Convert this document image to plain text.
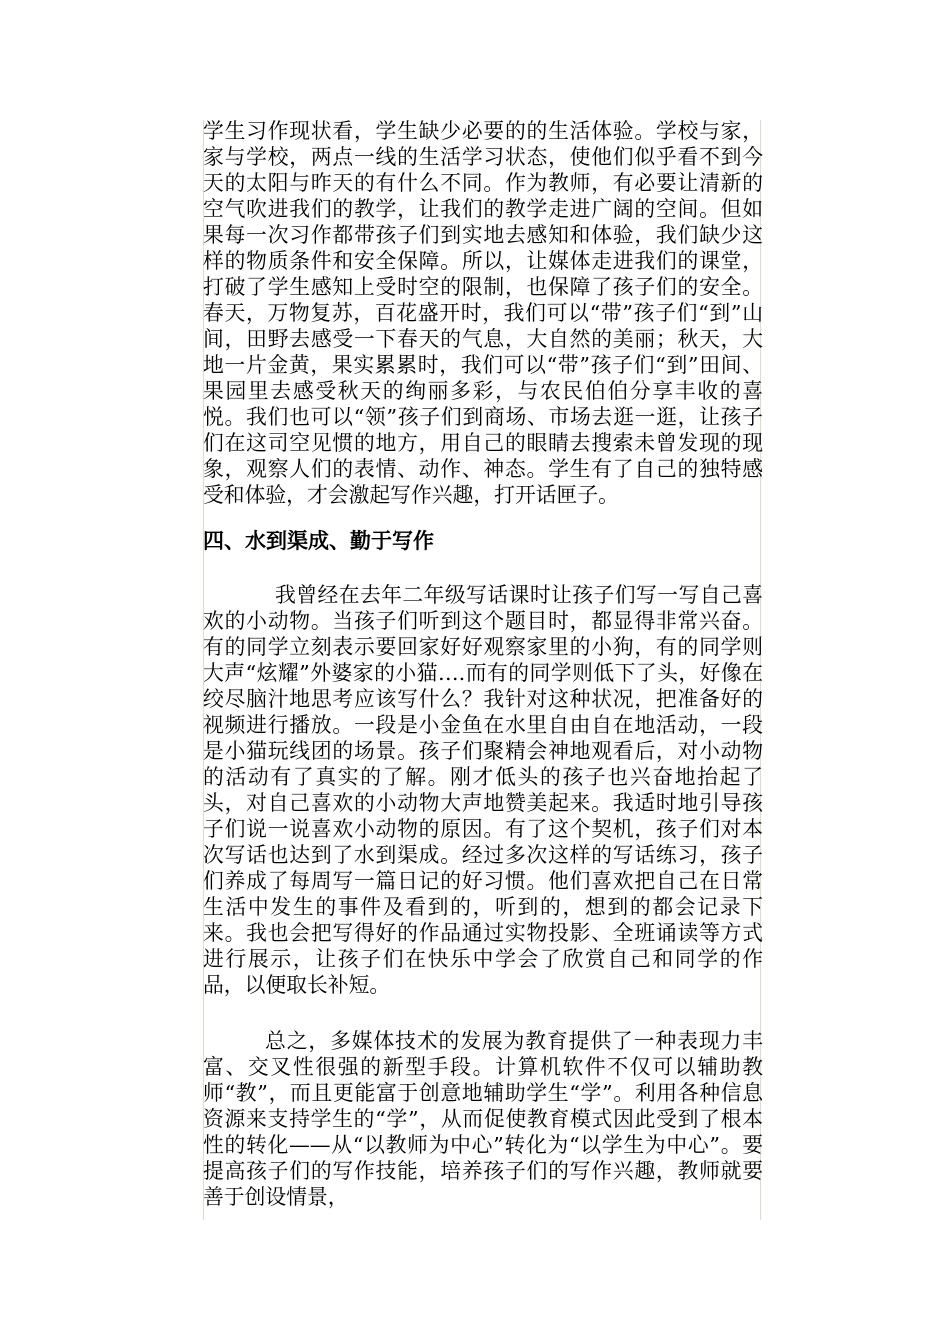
学生习作现状看，学生缺少必要的的生活体验。学校与家，家与学校，两点一线的生活学习状态，使他们似乎看不到今天的太阳与昨天的有什么不同。作为教师，有必要让清新的空气吹进我们的教学，让我们的教学走进广阔的空间。但如果每一次习作都带孩子们到实地去感知和体验，我们缺少这样的物质条件和安全保障。所以，让媒体走进我们的课堂，打破了学生感知上受时空的限制，也保障了孩子们的安全。春天，万物复苏，百花盛开时，我们可以“带”孩子们“到”山间，田野去感受一下春天的气息，大自然的美丽；秋天，大地一片金黄，果实累累时，我们可以“带”孩子们“到”田间、果园里去感受秋天的绚丽多彩，与农民伯伯分享丰收的喜悦。我们也可以“领”孩子们到商场、市场去逛一逛，让孩子们在这司空见惯的地方，用自己的眼睛去搜索未曾发现的现象，观察人们的表情、动作、神态。学生有了自己的独特感受和体验，才会激起写作兴趣，打开话匣子。

四、水到渠成、勤于写作

我曾经在去年二年级写话课时让孩子们写一写自己喜欢的小动物。当孩子们听到这个题目时，都显得非常兴奋。有的同学立刻表示要回家好好观察家里的小狗，有的同学则大声“炫耀”外婆家的小猫….而有的同学则低下了头，好像在绞尽脑汁地思考应该写什么？我针对这种状况，把准备好的视频进行播放。一段是小金鱼在水里自由自在地活动，一段是小猫玩线团的场景。孩子们聚精会神地观看后，对小动物的活动有了真实的了解。刚才低头的孩子也兴奋地抬起了头，对自己喜欢的小动物大声地赞美起来。我适时地引导孩子们说一说喜欢小动物的原因。有了这个契机，孩子们对本次写话也达到了水到渠成。经过多次这样的写话练习，孩子们养成了每周写一篇日记的好习惯。他们喜欢把自己在日常生活中发生的事件及看到的，听到的，想到的都会记录下来。我也会把写得好的作品通过实物投影、全班诵读等方式进行展示，让孩子们在快乐中学会了欣赏自己和同学的作品，以便取长补短。

总之，多媒体技术的发展为教育提供了一种表现力丰富、交叉性很强的新型手段。计算机软件不仅可以辅助教师“教”，而且更能富于创意地辅助学生“学”。利用各种信息资源来支持学生的“学”，从而促使教育模式因此受到了根本性的转化——从“以教师为中心”转化为“以学生为中心”。要提高孩子们的写作技能，培养孩子们的写作兴趣，教师就要善于创设情景，
